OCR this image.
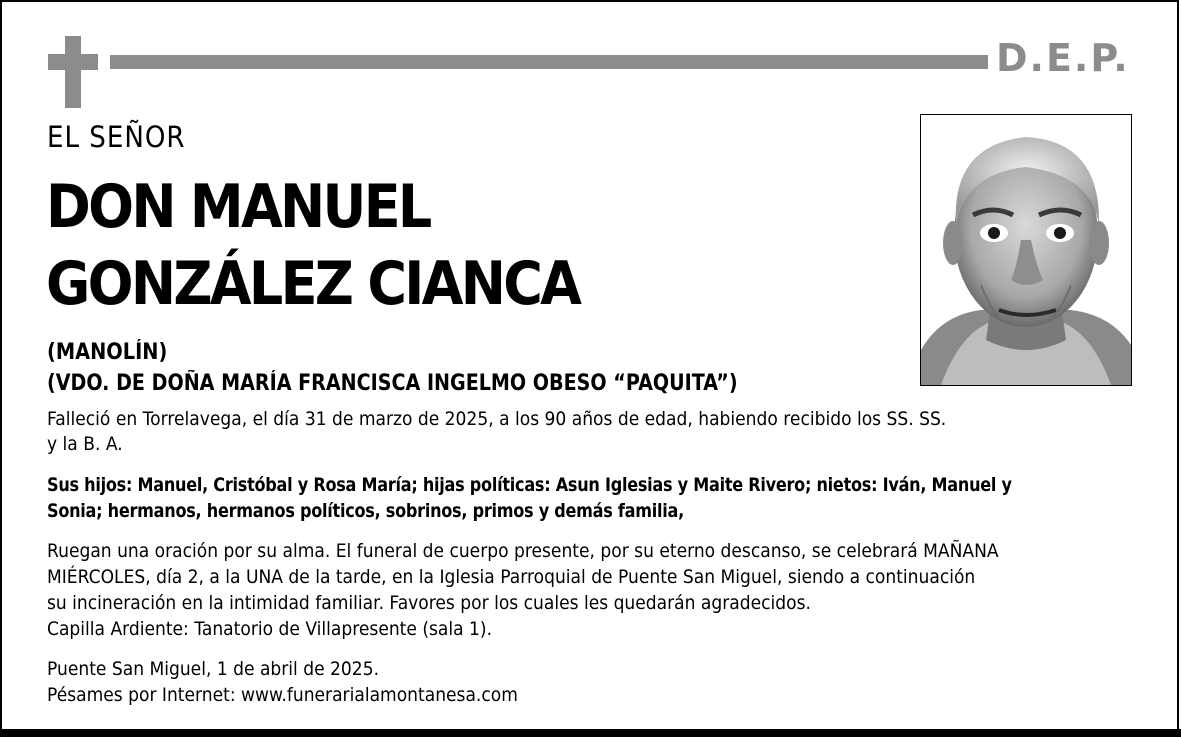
D.E.P.
EL SEÑOR
DON MANUEL
GONZÁLEZ CIANCA
(MANOLÍN)
(VDO. DE DOÑA MARÍA FRANCISCA INGELMO OBESO “PAQUITA”)
Falleció en Torrelavega, el día 31 de marzo de 2025, a los 90 años de edad, habiendo recibido los SS. SS.
y la B. A.
Sus hijos: Manuel, Cristóbal y Rosa María; hijas políticas: Asun Iglesias y Maite Rivero; nietos: Iván, Manuel y
Sonia; hermanos, hermanos políticos, sobrinos, primos y demás familia,
Ruegan una oración por su alma. El funeral de cuerpo presente, por su eterno descanso, se celebrará MAÑANA
MIÉRCOLES, día 2, a la UNA de la tarde, en la Iglesia Parroquial de Puente San Miguel, siendo a continuación
su incineración en la intimidad familiar. Favores por los cuales les quedarán agradecidos.
Capilla Ardiente: Tanatorio de Villapresente (sala 1).
Puente San Miguel, 1 de abril de 2025.
Pésames por Internet: www.funerarialamontanesa.com
